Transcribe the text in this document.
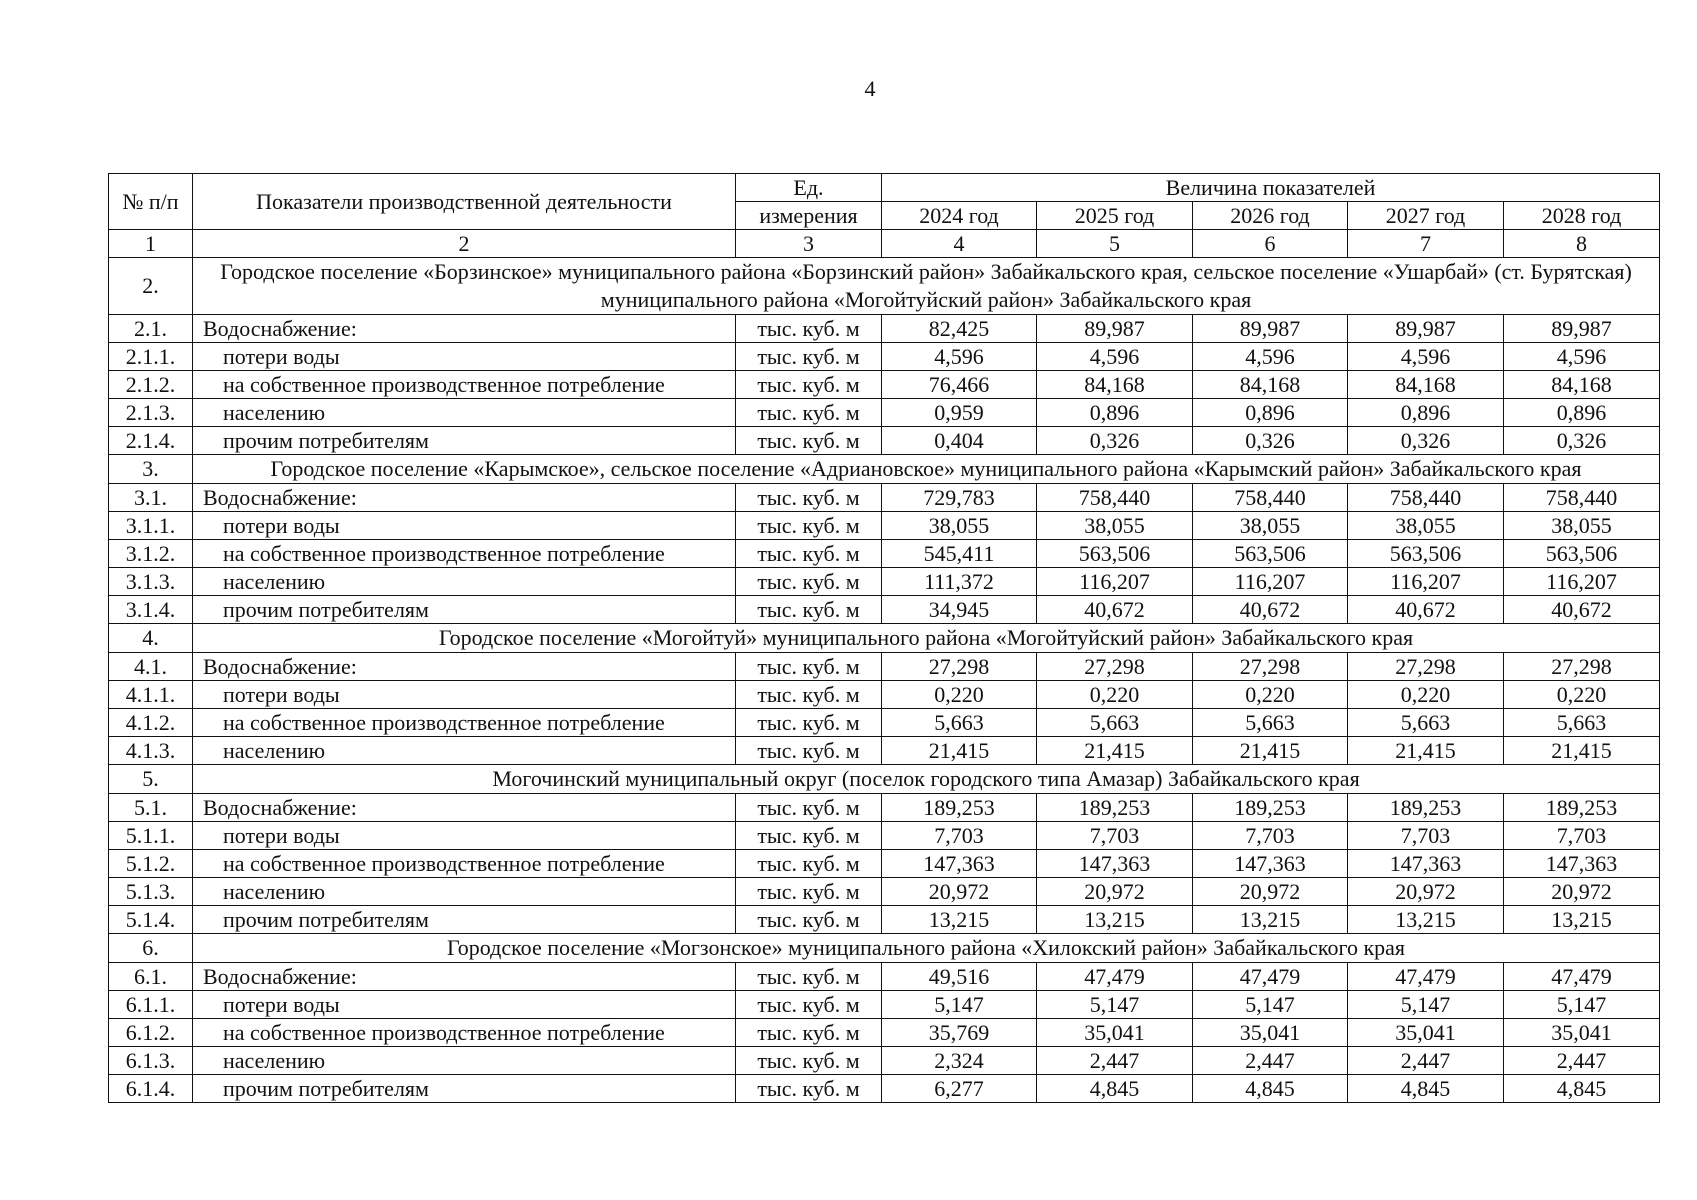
4
№ п/п	Показатели производственной деятельности	Ед.	Величина показателей				
		измерения	2024 год	2025 год	2026 год	2027 год	2028 год
1	2	3	4	5	6	7	8
2.	Городское поселение «Борзинское» муниципального района «Борзинский район» Забайкальского края, сельское поселение «Ушарбай» (ст. Бурятская) муниципального района «Могойтуйский район» Забайкальского края						
2.1.	Водоснабжение:	тыс. куб. м	82,425	89,987	89,987	89,987	89,987
2.1.1.	потери воды	тыс. куб. м	4,596	4,596	4,596	4,596	4,596
2.1.2.	на собственное производственное потребление	тыс. куб. м	76,466	84,168	84,168	84,168	84,168
2.1.3.	населению	тыс. куб. м	0,959	0,896	0,896	0,896	0,896
2.1.4.	прочим потребителям	тыс. куб. м	0,404	0,326	0,326	0,326	0,326
3.	Городское поселение «Карымское», сельское поселение «Адриановское» муниципального района «Карымский район» Забайкальского края						
3.1.	Водоснабжение:	тыс. куб. м	729,783	758,440	758,440	758,440	758,440
3.1.1.	потери воды	тыс. куб. м	38,055	38,055	38,055	38,055	38,055
3.1.2.	на собственное производственное потребление	тыс. куб. м	545,411	563,506	563,506	563,506	563,506
3.1.3.	населению	тыс. куб. м	111,372	116,207	116,207	116,207	116,207
3.1.4.	прочим потребителям	тыс. куб. м	34,945	40,672	40,672	40,672	40,672
4.	Городское поселение «Могойтуй» муниципального района «Могойтуйский район» Забайкальского края						
4.1.	Водоснабжение:	тыс. куб. м	27,298	27,298	27,298	27,298	27,298
4.1.1.	потери воды	тыс. куб. м	0,220	0,220	0,220	0,220	0,220
4.1.2.	на собственное производственное потребление	тыс. куб. м	5,663	5,663	5,663	5,663	5,663
4.1.3.	населению	тыс. куб. м	21,415	21,415	21,415	21,415	21,415
5.	Могочинский муниципальный округ (поселок городского типа Амазар) Забайкальского края						
5.1.	Водоснабжение:	тыс. куб. м	189,253	189,253	189,253	189,253	189,253
5.1.1.	потери воды	тыс. куб. м	7,703	7,703	7,703	7,703	7,703
5.1.2.	на собственное производственное потребление	тыс. куб. м	147,363	147,363	147,363	147,363	147,363
5.1.3.	населению	тыс. куб. м	20,972	20,972	20,972	20,972	20,972
5.1.4.	прочим потребителям	тыс. куб. м	13,215	13,215	13,215	13,215	13,215
6.	Городское поселение «Могзонское» муниципального района «Хилокский район» Забайкальского края						
6.1.	Водоснабжение:	тыс. куб. м	49,516	47,479	47,479	47,479	47,479
6.1.1.	потери воды	тыс. куб. м	5,147	5,147	5,147	5,147	5,147
6.1.2.	на собственное производственное потребление	тыс. куб. м	35,769	35,041	35,041	35,041	35,041
6.1.3.	населению	тыс. куб. м	2,324	2,447	2,447	2,447	2,447
6.1.4.	прочим потребителям	тыс. куб. м	6,277	4,845	4,845	4,845	4,845
